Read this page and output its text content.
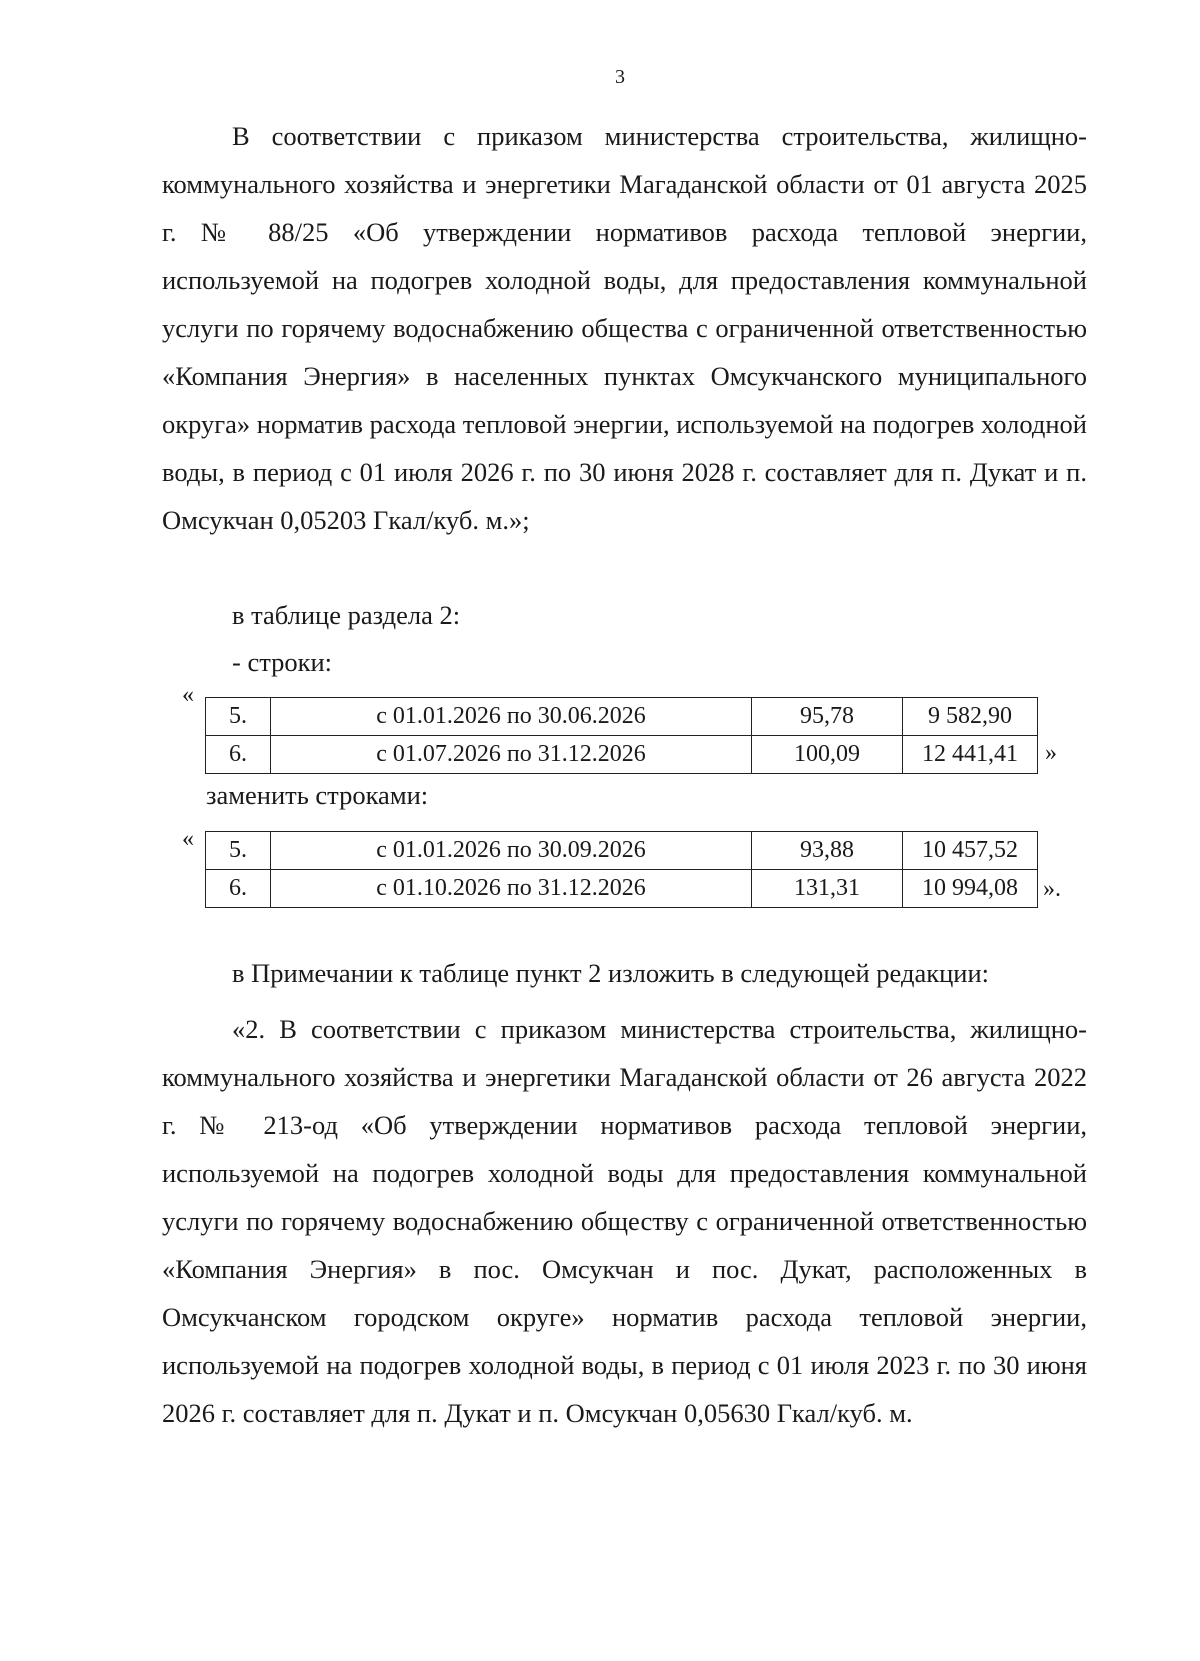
3

В соответствии с приказом министерства строительства, жилищно-коммунального хозяйства и энергетики Магаданской области от 01 августа 2025 г. № 88/25 «Об утверждении нормативов расхода тепловой энергии, используемой на подогрев холодной воды, для предоставления коммунальной услуги по горячему водоснабжению общества с ограниченной ответственностью «Компания Энергия» в населенных пунктах Омсукчанского муниципального округа» норматив расхода тепловой энергии, используемой на подогрев холодной воды, в период с 01 июля 2026 г. по 30 июня 2028 г. составляет для п. Дукат и п. Омсукчан 0,05203 Гкал/куб. м.»;

в таблице раздела 2:

- строки:

«
5.	с 01.01.2026 по 30.06.2026	95,78	9 582,90
6.	с 01.07.2026 по 31.12.2026	100,09	12 441,41 »

заменить строками:

« 5.	с 01.01.2026 по 30.09.2026	93,88	10 457,52
6.	с 01.10.2026 по 31.12.2026	131,31	10 994,08 ».

в Примечании к таблице пункт 2 изложить в следующей редакции:

«2. В соответствии с приказом министерства строительства, жилищно-коммунального хозяйства и энергетики Магаданской области от 26 августа 2022 г. № 213-од «Об утверждении нормативов расхода тепловой энергии, используемой на подогрев холодной воды для предоставления коммунальной услуги по горячему водоснабжению обществу с ограниченной ответственностью «Компания Энергия» в пос. Омсукчан и пос. Дукат, расположенных в Омсукчанском городском округе» норматив расхода тепловой энергии, используемой на подогрев холодной воды, в период с 01 июля 2023 г. по 30 июня 2026 г. составляет для п. Дукат и п. Омсукчан 0,05630 Гкал/куб. м.
